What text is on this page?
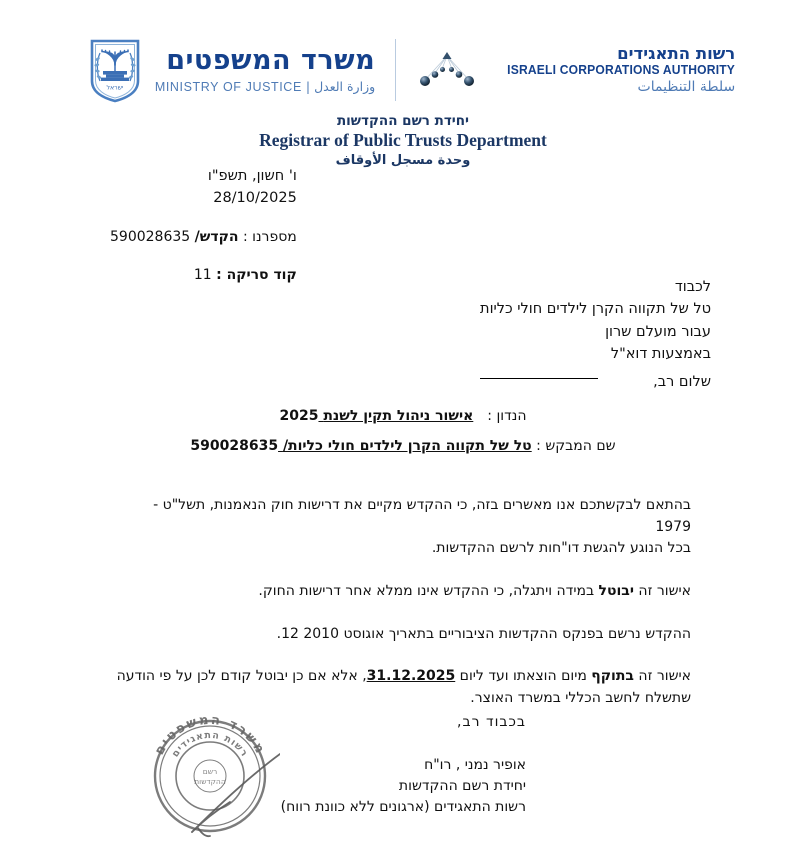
ישראל
משרד המשפטים
وزارة العدل | MINISTRY OF JUSTICE
רשות התאגידים
ISRAELI CORPORATIONS AUTHORITY
سلطة التنظيمات
יחידת רשם ההקדשות
Registrar of Public Trusts Department
وحدة مسجل الأوقاف
ו' חשון, תשפ"ו
28/10/2025
מספרנו : הקדש/ 590028635
קוד סריקה : 11
לכבוד
טל של תקווה הקרן לילדים חולי כליות
עבור מועלם שרון
באמצעות דוא"ל
שלום רב,
הנדון :אישור ניהול תקין לשנת 2025
שם המבקש : טל של תקווה הקרן לילדים חולי כליות/ 590028635

בהתאם לבקשתכם אנו מאשרים בזה, כי ההקדש מקיים את דרישות חוק הנאמנות, תשל"ט - 1979
בכל הנוגע להגשת דו"חות לרשם ההקדשות.

אישור זה יבוטל במידה ויתגלה, כי ההקדש אינו ממלא אחר דרישות החוק.

ההקדש נרשם בפנקס ההקדשות הציבוריים בתאריך 12 אוגוסט 2010.

אישור זה בתוקף מיום הוצאתו ועד ליום 31.12.2025, אלא אם כן יבוטל קודם לכן על פי הודעה שתשלח לחשב הכללי במשרד האוצר.

בכבוד רב,
אופיר נמני , רו"ח
יחידת רשם ההקדשות
רשות התאגידים (ארגונים ללא כוונת רווח)
משרד המשפטים
רשות התאגידים
רשם
ההקדשות
